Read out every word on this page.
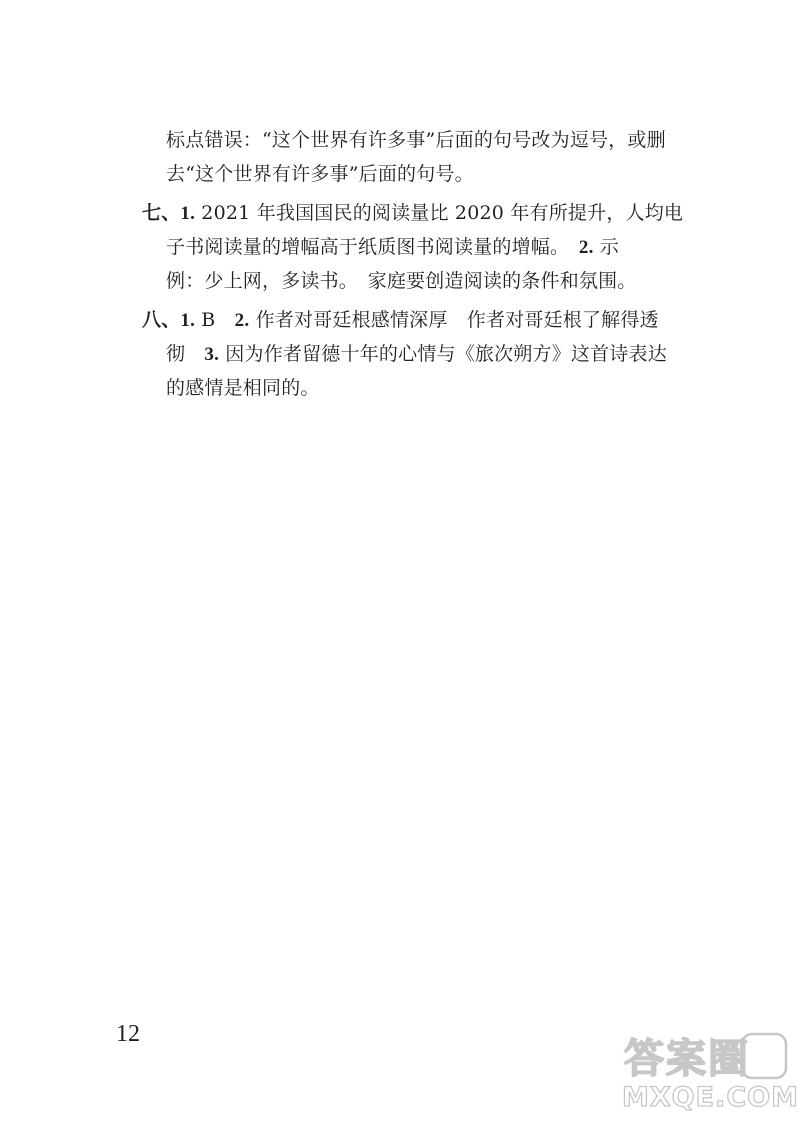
标点错误：“这个世界有许多事”后面的句号改为逗号，或删
去“这个世界有许多事”后面的句号。
七、1. 2021 年我国国民的阅读量比 2020 年有所提升，人均电
子书阅读量的增幅高于纸质图书阅读量的增幅。　2. 示
例：少上网，多读书。　家庭要创造阅读的条件和氛围。
八、1. B　2. 作者对哥廷根感情深厚　作者对哥廷根了解得透
彻　3. 因为作者留德十年的心情与《旅次朔方》这首诗表达
的感情是相同的。
12
答案圈
MXQE.COM
